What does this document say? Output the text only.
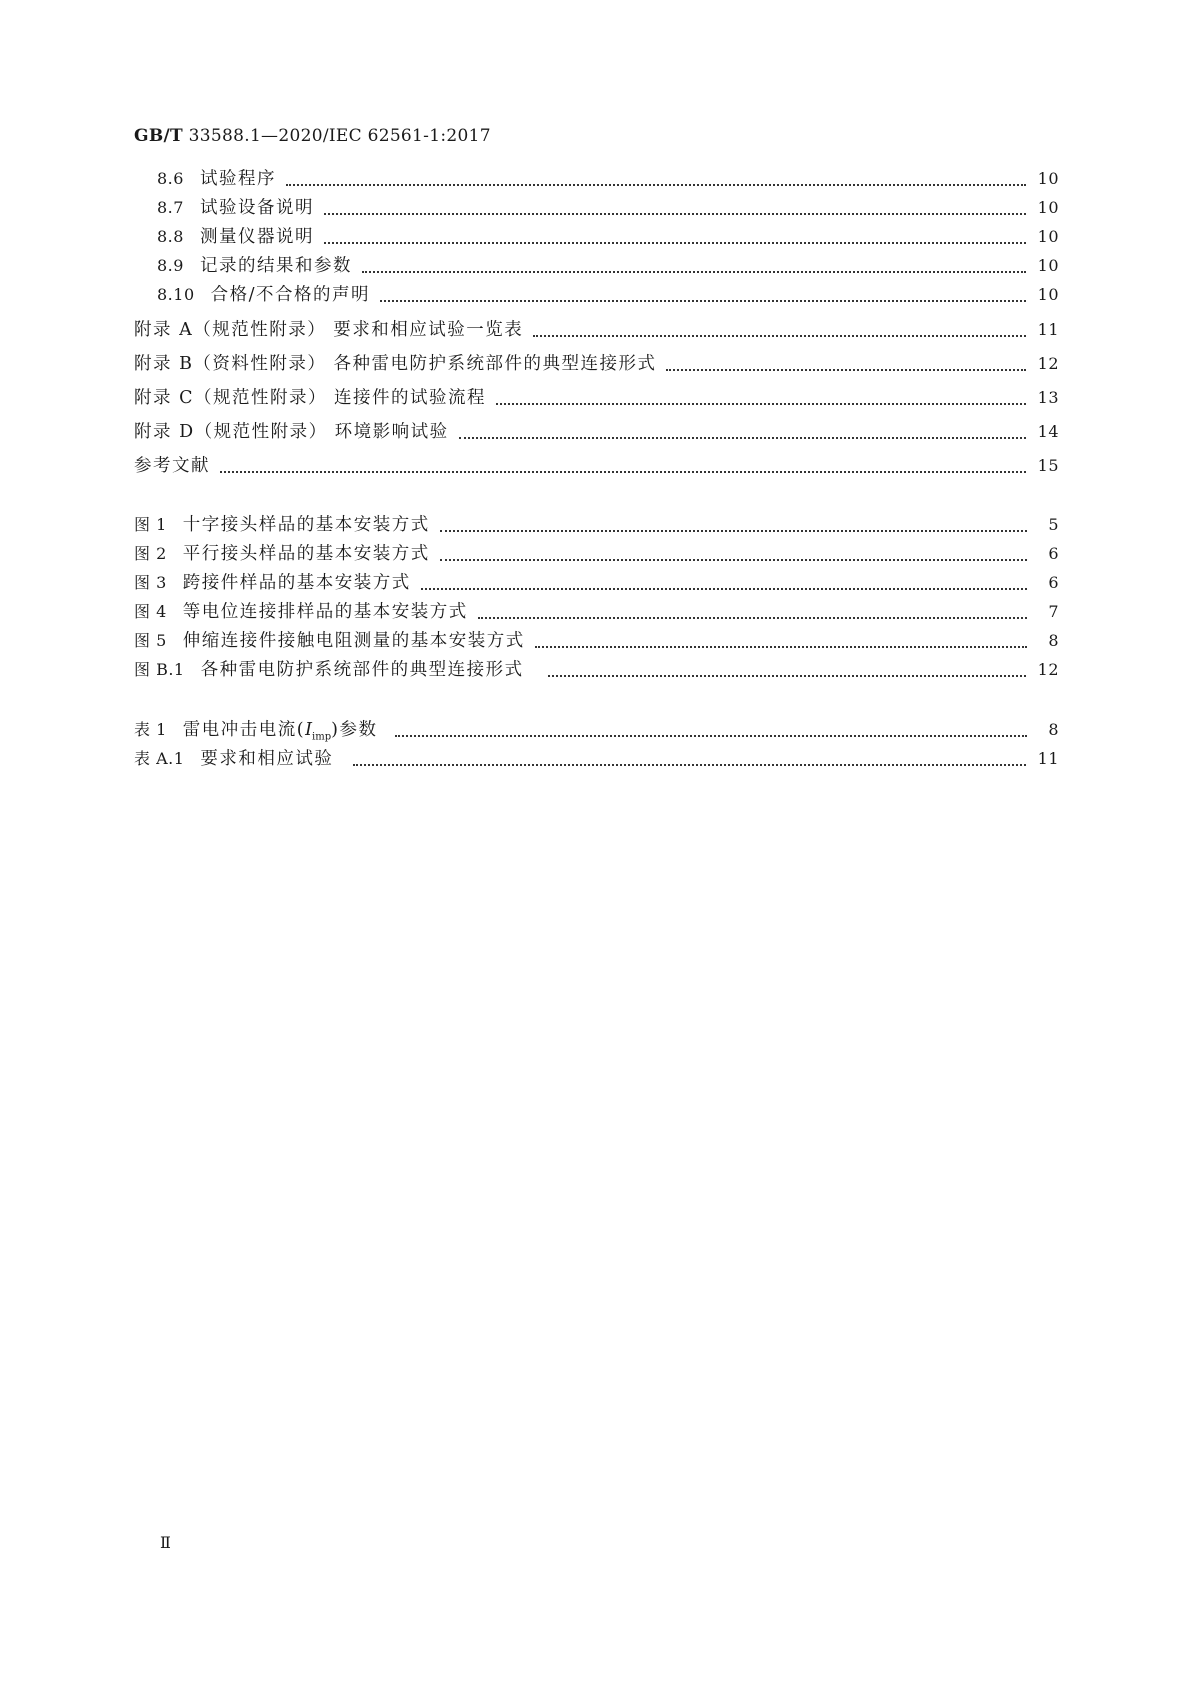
GB/T 33588.1—2020/IEC 62561-1:2017
8.6 试验程序	10
8.7 试验设备说明	10
8.8 测量仪器说明	10
8.9 记录的结果和参数	10
8.10 合格/不合格的声明	10
附录 A（规范性附录） 要求和相应试验一览表	11
附录 B（资料性附录） 各种雷电防护系统部件的典型连接形式	12
附录 C（规范性附录） 连接件的试验流程	13
附录 D（规范性附录） 环境影响试验	14
参考文献	15
图 1 十字接头样品的基本安装方式	5
图 2 平行接头样品的基本安装方式	6
图 3 跨接件样品的基本安装方式	6
图 4 等电位连接排样品的基本安装方式	7
图 5 伸缩连接件接触电阻测量的基本安装方式	8
图 B.1 各种雷电防护系统部件的典型连接形式	12
表 1 雷电冲击电流$(I_{imp})$参数	8
表 A.1 要求和相应试验	11
Ⅱ
